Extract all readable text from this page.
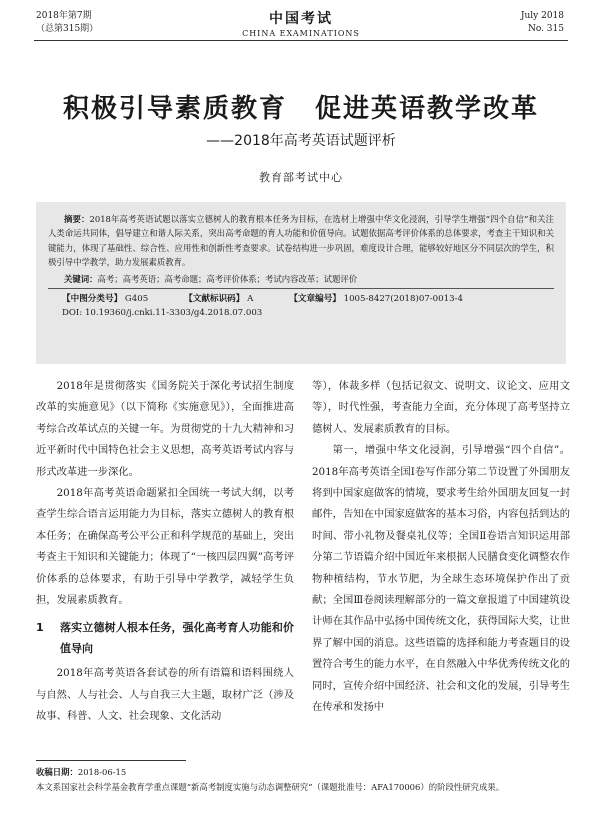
2018年第7期
（总第315期）
中国考试
CHINA EXAMINATIONS
July 2018
No. 315
积极引导素质教育　促进英语教学改革
——2018年高考英语试题评析
教育部考试中心
摘要：2018年高考英语试题以落实立德树人的教育根本任务为目标，在选材上增强中华文化浸润，引导学生增强“四个自信”和关注人类命运共同体，倡导建立和谐人际关系，突出高考命题的育人功能和价值导向。试题依据高考评价体系的总体要求，考查主干知识和关键能力，体现了基础性、综合性、应用性和创新性考查要求。试卷结构进一步巩固，难度设计合理，能够较好地区分不同层次的学生，积极引导中学教学，助力发展素质教育。
关键词：高考；高考英语；高考命题；高考评价体系；考试内容改革；试题评价
【中图分类号】 G405	【文献标识码】 A	【文章编号】 1005-8427(2018)07-0013-4
DOI: 10.19360/j.cnki.11-3303/g4.2018.07.003

2018年是贯彻落实《国务院关于深化考试招生制度改革的实施意见》（以下简称《实施意见》），全面推进高考综合改革试点的关键一年。为贯彻党的十九大精神和习近平新时代中国特色社会主义思想，高考英语考试内容与形式改革进一步深化。

2018年高考英语命题紧扣全国统一考试大纲，以考查学生综合语言运用能力为目标，落实立德树人的教育根本任务；在确保高考公平公正和科学规范的基础上，突出考查主干知识和关键能力；体现了“一核四层四翼”高考评价体系的总体要求，有助于引导中学教学，减轻学生负担，发展素质教育。

1	落实立德树人根本任务，强化高考育人功能和价值导向

2018年高考英语各套试卷的所有语篇和语料围绕人与自然、人与社会、人与自我三大主题，取材广泛（涉及故事、科普、人文、社会现象、文化活动

等），体裁多样（包括记叙文、说明文、议论文、应用文等），时代性强，考查能力全面，充分体现了高考坚持立德树人、发展素质教育的目标。

第一，增强中华文化浸润，引导增强“四个自信”。2018年高考英语全国Ⅰ卷写作部分第二节设置了外国朋友将到中国家庭做客的情境，要求考生给外国朋友回复一封邮件，告知在中国家庭做客的基本习俗，内容包括到达的时间、带小礼物及餐桌礼仪等；全国Ⅱ卷语言知识运用部分第二节语篇介绍中国近年来根据人民膳食变化调整农作物种植结构，节水节肥，为全球生态环境保护作出了贡献；全国Ⅲ卷阅读理解部分的一篇文章报道了中国建筑设计师在其作品中弘扬中国传统文化，获得国际大奖，让世界了解中国的消息。这些语篇的选择和能力考查题目的设置符合考生的能力水平，在自然融入中华优秀传统文化的同时，宣传介绍中国经济、社会和文化的发展，引导考生在传承和发扬中

收稿日期：2018-06-15
本文系国家社会科学基金教育学重点课题“新高考制度实施与动态调整研究”（课题批准号：AFA170006）的阶段性研究成果。
